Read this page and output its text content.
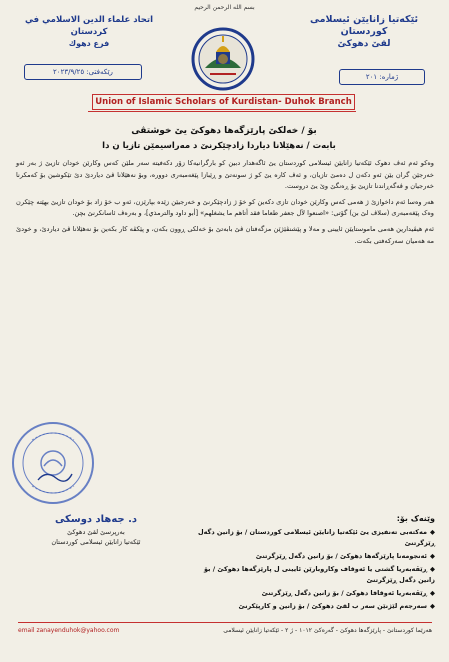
بسم الله الرحمن الرحيم
ئێکەتیا زانایێن ئیسلامی کوردستان
لقێ دهوکێ
اتحاد علماء الدين الاسلامي في كردستان
فرع دهوك
ژمارە: ٢٠١
رێکەفتی: ٢٠٢٣/٩/٢٥
Union of Islamic Scholars of Kurdistan- Duhok Branch
بۆ / خەلکێ پارێزگەها دهوکێ یێ خوشتڤی
بابەت / نەهێلانا دیاردا زادچێکرنێ د مەراسیمێن تازیا ن دا

وەکو ئەم ئەڤ دهوک ئێکەتیا زانایێن ئیسلامی کوردستان یێ ئاگەهدار دبین کو بارگرانیەکا زۆر دکەفیتە سەر ملێن کەس وکارێن خودان تازیێ ژ بەر ئەو خەرجێن گران یێن ئەو دکەن ل دەمێ تازیان، و ئەڤ کارە یێ کو ژ سونەتێ و ڕێبازا پێغەمبەری دووره، وبۆ نەهێلانا ڤێ دیاردێ دێ تێکوشین بۆ کەمکرنا خەرجیان و ڤەگەڕاندنا تازیێ بۆ ڕەنگێ وێ یێ دروست.

هەر وەسا ئەم داخوازێ ژ هەمی کەس وکارێن خودان تازی دکەین کو خۆ ژ زادچێکرنێ و خەرجیێن زێدە بپارێزن، ئەو ب خۆ زاد بۆ خودان تازیێ بهێتە چێکرن وەک پێغەمبەری (سلاڤ لێ بن) گۆتی: «اصنعوا لآل جعفر طعاما فقد أتاهم ما يشغلهم» [أبو داود والترمذي]، و بەرەڤ ئاسانکرنێ بچن.

ئەم هیڤیدارین هەمی ماموستایێن ئایینی و مەلا و پێشنڤێژێن مزگەفتان ڤێ بابەتێ بۆ خەلکی ڕوون بکەن، و پێکڤە کار بکەین بۆ نەهێلانا ڤێ دیاردێ، و خودێ مە هەمیان سەرکەفتی بکەت.

د. جەهاد دوسکی
بەرپرسێ لقێ دهوکێ
ئێکەتیا زانایێن ئیسلامی کوردستان
وێنەک بۆ:
◆مەکتەبی تەنفیزی یێ ئێکەتیا زانایێن ئیسلامی کوردستان / بۆ زانین دگەل ڕێزگرتنێ
◆ئەنجومەنا پارێزگەها دهوکێ / بۆ زانین دگەل ڕێزگرتنێ
◆ڕێڤەبەریا گشتی یا ئەوقاف وکاروبارێن ئایینی ل پارێزگەها دهوکێ / بۆ زانین دگەل ڕێزگرتنێ
◆ڕێڤەبەریا ئەوقافا دهوکێ / بۆ زانین دگەل ڕێزگرتنێ
◆سەرجەم لێژنێن سەر ب لقێ دهوکێ / بۆ زانین و کارپێکرنێ
email zanayenduhok@yahoo.com	هەرێما کوردستانێ - پارێزگەها دهوکێ - گەرەکێ ١٠١٢ - ژ ٢ - ئێکەتیا زانایێن ئیسلامی
